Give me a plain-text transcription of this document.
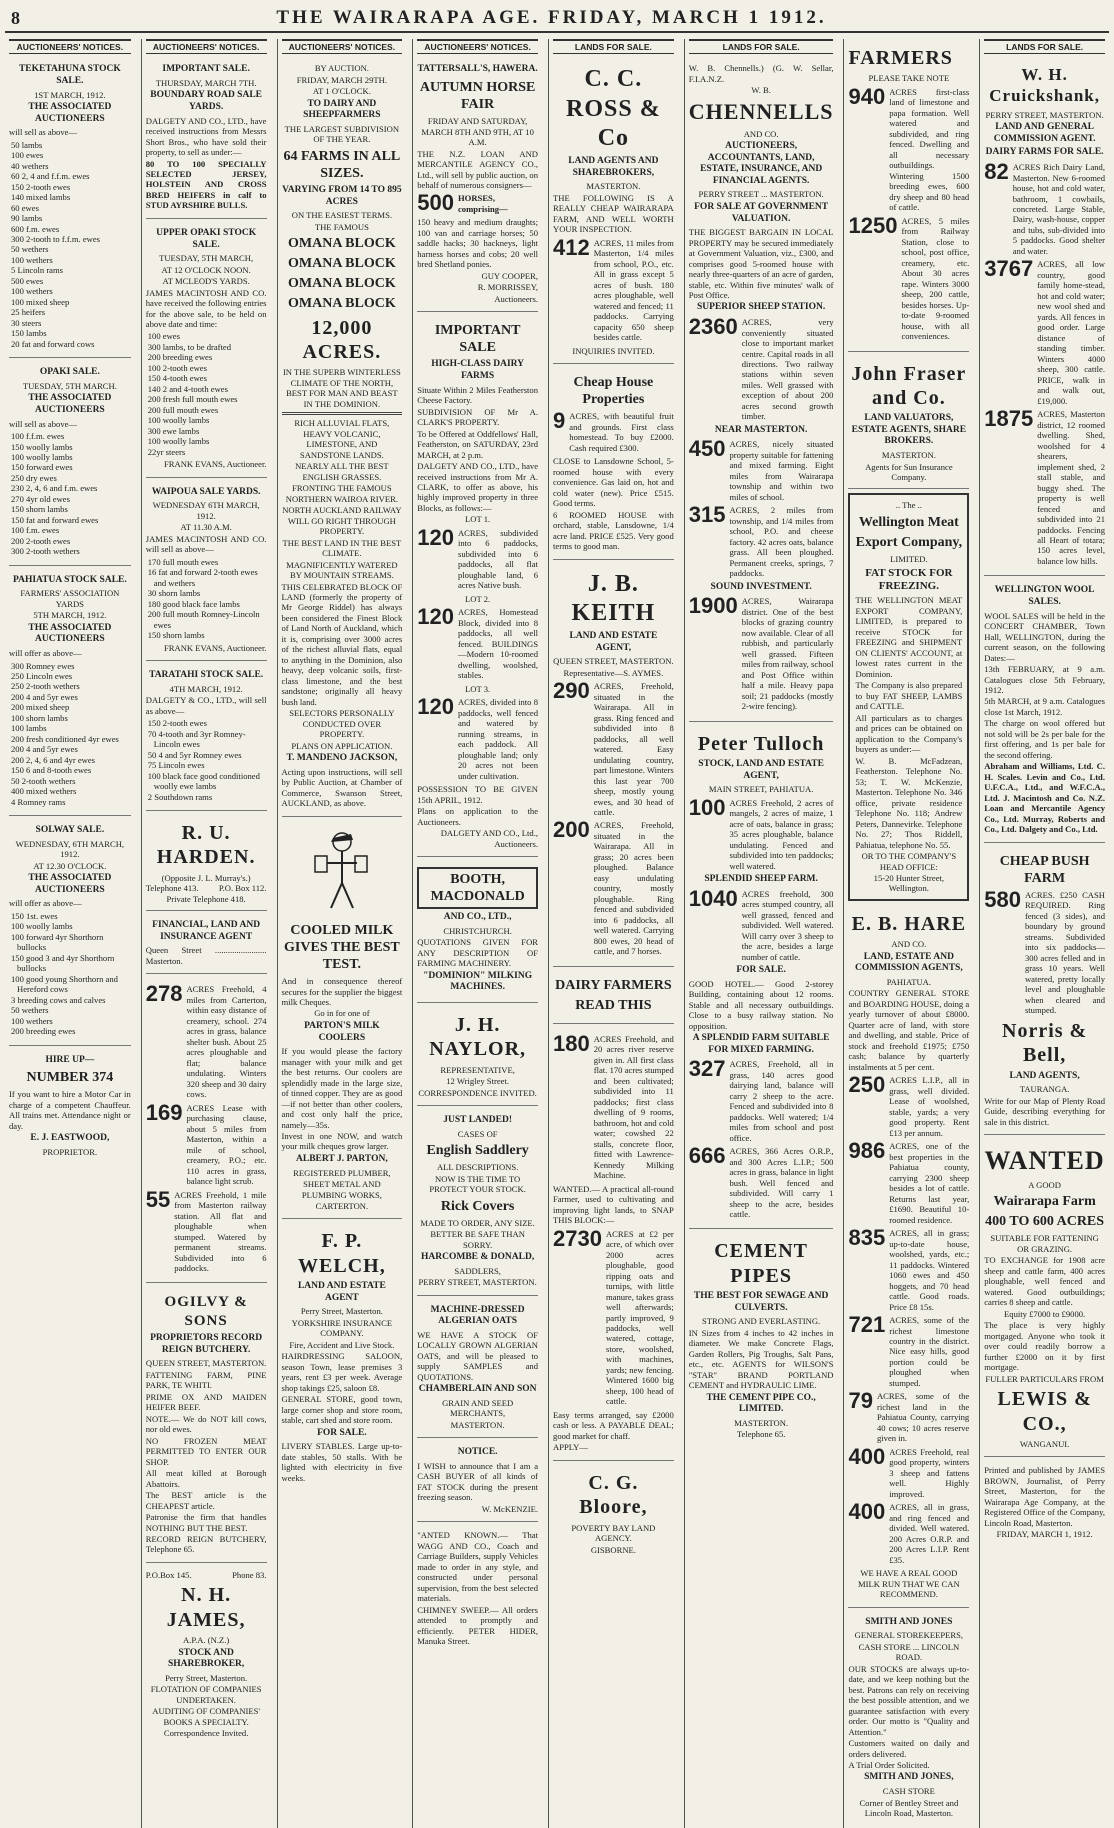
8	THE WAIRARAPA AGE. FRIDAY, MARCH 1 1912.
AUCTIONEERS' NOTICES.
TEKETAHUNA STOCK SALE.
1ST MARCH, 1912.
THE ASSOCIATED AUCTIONEERS
will sell as above—
50 lambs
100 ewes
40 wethers
60 2, 4 and f.f.m. ewes
150 2-tooth ewes
140 mixed lambs
60 ewes
90 lambs
600 f.m. ewes
300 2-tooth to f.f.m. ewes
50 wethers
100 wethers
5 Lincoln rams
500 ewes
100 wethers
100 mixed sheep
25 heifers
30 steers
150 lambs
20 fat and forward cows
OPAKI SALE.
TUESDAY, 5TH MARCH.
THE ASSOCIATED AUCTIONEERS
will sell as above—
100 f.f.m. ewes
150 woolly lambs
100 woolly lambs
150 forward ewes
250 dry ewes
230 2, 4, 6 and f.m. ewes
270 4yr old ewes
150 shorn lambs
150 fat and forward ewes
100 f.m. ewes
200 2-tooth ewes
300 2-tooth wethers
PAHIATUA STOCK SALE.
FARMERS' ASSOCIATION YARDS
5TH MARCH, 1912.
THE ASSOCIATED AUCTIONEERS
will offer as above—
300 Romney ewes
250 Lincoln ewes
250 2-tooth wethers
200 4 and 5yr ewes
200 mixed sheep
100 shorn lambs
100 lambs
200 fresh conditioned 4yr ewes
200 4 and 5yr ewes
200 2, 4, 6 and 4yr ewes
150 6 and 8-tooth ewes
50 2-tooth wethers
400 mixed wethers
4 Romney rams
SOLWAY SALE.
WEDNESDAY, 6TH MARCH, 1912.
AT 12.30 O'CLOCK.
THE ASSOCIATED AUCTIONEERS
will offer as above—
150 1st. ewes
100 woolly lambs
100 forward 4yr Shorthorn bullocks
150 good 3 and 4yr Shorthorn bullocks
100 good young Shorthorn and Hereford cows
3 breeding cows and calves
50 wethers
100 wethers
200 breeding ewes
HIRE UP—
NUMBER 374
If you want to hire a Motor Car in charge of a competent Chauffeur. All trains met. Attendance night or day.
E. J. EASTWOOD,
PROPRIETOR.
AUCTIONEERS' NOTICES.
IMPORTANT SALE.
THURSDAY, MARCH 7TH.
BOUNDARY ROAD SALE YARDS.
DALGETY AND CO., LTD., have received instructions from Messrs Short Bros., who have sold their property, to sell as under:—
80 TO 100 SPECIALLY SELECTED JERSEY, HOLSTEIN AND CROSS BRED HEIFERS in calf to STUD AYRSHIRE BULLS.
UPPER OPAKI STOCK SALE.
TUESDAY, 5TH MARCH,
AT 12 O'CLOCK NOON.
AT MCLEOD'S YARDS.
JAMES MACINTOSH AND CO. have received the following entries for the above sale, to be held on above date and time:
100 ewes
300 lambs, to be drafted
200 breeding ewes
100 2-tooth ewes
150 4-tooth ewes
140 2 and 4-tooth ewes
200 fresh full mouth ewes
200 full mouth ewes
100 woolly lambs
300 ewe lambs
100 woolly lambs
22yr steers
FRANK EVANS, Auctioneer.
WAIPOUA SALE YARDS.
WEDNESDAY 6TH MARCH, 1912.
AT 11.30 A.M.
JAMES MACINTOSH AND CO. will sell as above—
170 full mouth ewes
16 fat and forward 2-tooth ewes and wethers
30 shorn lambs
180 good black face lambs
200 full mouth Romney-Lincoln ewes
150 shorn lambs
FRANK EVANS, Auctioneer.
TARATAHI STOCK SALE.
4TH MARCH, 1912.
DALGETY & CO., LTD., will sell as above—
150 2-tooth ewes
70 4-tooth and 3yr Romney-Lincoln ewes
50 4 and 5yr Romney ewes
75 Lincoln ewes
100 black face good conditioned woolly ewe lambs
2 Southdown rams
R. U. HARDEN.
(Opposite J. L. Murray's.)
Telephone 413. P.O. Box 112.
Private Telephone 418.
FINANCIAL, LAND AND INSURANCE AGENT
Queen Street ........................ Masterton.
278 ACRES Freehold, 4 miles from Carterton, within easy distance of creamery, school. 274 acres in grass, balance shelter bush. About 25 acres ploughable and flat; balance undulating. Winters 320 sheep and 30 dairy cows.
169 ACRES Lease with purchasing clause, about 5 miles from Masterton, within a mile of school, creamery, P.O.; etc. 110 acres in grass, balance light scrub.
55 ACRES Freehold, 1 mile from Masterton railway station. All flat and ploughable when stumped. Watered by permanent streams. Subdivided into 6 paddocks.
OGILVY & SONS
PROPRIETORS RECORD REIGN BUTCHERY.
QUEEN STREET, MASTERTON.
FATTENING FARM, PINE PARK, TE WHITI.
PRIME OX AND MAIDEN HEIFER BEEF.
NOTE.— We do NOT kill cows, nor old ewes.
NO FROZEN MEAT PERMITTED TO ENTER OUR SHOP.
All meat killed at Borough Abattoirs.
The BEST article is the CHEAPEST article.
Patronise the firm that handles NOTHING BUT THE BEST.
RECORD REIGN BUTCHERY, Telephone 65.
P.O.Box 145.	Phone 83.
N. H. JAMES,
A.P.A. (N.Z.)
STOCK AND SHAREBROKER,
Perry Street, Masterton.
FLOTATION OF COMPANIES UNDERTAKEN.
AUDITING OF COMPANIES' BOOKS A SPECIALTY.
Correspondence Invited.
AUCTIONEERS' NOTICES.
BY AUCTION.
FRIDAY, MARCH 29TH.
AT 1 O'CLOCK.
TO DAIRY AND SHEEPFARMERS
THE LARGEST SUBDIVISION OF THE YEAR.
64 FARMS IN ALL SIZES.
VARYING FROM 14 TO 895 ACRES
ON THE EASIEST TERMS.
THE FAMOUS
OMANA BLOCK
OMANA BLOCK
OMANA BLOCK
OMANA BLOCK
12,000 ACRES.
IN THE SUPERB WINTERLESS CLIMATE OF THE NORTH, BEST FOR MAN AND BEAST IN THE DOMINION.
RICH ALLUVIAL FLATS, HEAVY VOLCANIC, LIMESTONE, AND SANDSTONE LANDS.
NEARLY ALL THE BEST ENGLISH GRASSES.
FRONTING THE FAMOUS NORTHERN WAIROA RIVER.
NORTH AUCKLAND RAILWAY WILL GO RIGHT THROUGH PROPERTY.
THE BEST LAND IN THE BEST CLIMATE.
MAGNIFICENTLY WATERED BY MOUNTAIN STREAMS.
THIS CELEBRATED BLOCK OF LAND (formerly the property of Mr George Riddel) has always been considered the Finest Block of Land North of Auckland, which it is, comprising over 3000 acres of the richest alluvial flats, equal to anything in the Dominion, also heavy, deep volcanic soils, first-class limestone, and the best sandstone; originally all heavy bush land.
SELECTORS PERSONALLY CONDUCTED OVER PROPERTY.
PLANS ON APPLICATION.
T. MANDENO JACKSON,
Acting upon instructions, will sell by Public Auction, at Chamber of Commerce, Swanson Street, AUCKLAND, as above.
COOLED MILK GIVES THE BEST TEST.
And in consequence thereof secures for the supplier the biggest milk Cheques.
Go in for one of
PARTON'S MILK COOLERS
If you would please the factory manager with your milk and get the best returns. Our coolers are splendidly made in the large size, of tinned copper. They are as good—if not better than other coolers, and cost only half the price, namely—35s.
Invest in one NOW, and watch your milk cheques grow larger.
ALBERT J. PARTON,
REGISTERED PLUMBER,
SHEET METAL AND PLUMBING WORKS,
CARTERTON.
F. P. WELCH,
LAND AND ESTATE AGENT
Perry Street, Masterton.
YORKSHIRE INSURANCE COMPANY.
Fire, Accident and Live Stock.
HAIRDRESSING SALOON, season Town, lease premises 3 years, rent £3 per week. Average shop takings £25, saloon £8.
GENERAL STORE, good town, large corner shop and store room, stable, cart shed and store room.
FOR SALE.
LIVERY STABLES. Large up-to-date stables, 50 stalls. With be lighted with electricity in five weeks.
AUCTIONEERS' NOTICES.
TATTERSALL'S, HAWERA.
AUTUMN HORSE FAIR
FRIDAY AND SATURDAY, MARCH 8TH AND 9TH, AT 10 A.M.
THE N.Z. LOAN AND MERCANTILE AGENCY CO., Ltd., will sell by public auction, on behalf of numerous consigners—
500 HORSES, comprising—
150 heavy and medium draughts; 100 van and carriage horses; 50 saddle hacks; 30 hackneys, light harness horses and cobs; 20 well bred Shetland ponies.
GUY COOPER,
R. MORRISSEY,
Auctioneers.
IMPORTANT SALE
HIGH-CLASS DAIRY FARMS
Situate Within 2 Miles Featherston Cheese Factory.
SUBDIVISION OF Mr A. CLARK'S PROPERTY.
To be Offered at Oddfellows' Hall, Featherston, on SATURDAY, 23rd MARCH, at 2 p.m.
DALGETY AND CO., LTD., have received instructions from Mr A. CLARK, to offer as above, his highly improved property in three Blocks, as follows:—
LOT 1.
120 ACRES, subdivided into 6 paddocks, subdivided into 6 paddocks, all flat ploughable land, 6 acres Native bush.
LOT 2.
120 ACRES, Homestead Block, divided into 8 paddocks, all well fenced. BUILDINGS—Modern 10-roomed dwelling, woolshed, stables.
LOT 3.
120 ACRES, divided into 8 paddocks, well fenced and watered by running streams, in each paddock. All ploughable land; only 20 acres not been under cultivation.
POSSESSION TO BE GIVEN 15th APRIL, 1912.
Plans on application to the Auctioneers.
DALGETY AND CO., Ltd., Auctioneers.
BOOTH, MACDONALD
AND CO., LTD.,
CHRISTCHURCH.
QUOTATIONS GIVEN FOR ANY DESCRIPTION OF FARMING MACHINERY.
"DOMINION" MILKING MACHINES.
J. H. NAYLOR,
REPRESENTATIVE,
12 Wrigley Street.
CORRESPONDENCE INVITED.
JUST LANDED!
CASES OF
English Saddlery
ALL DESCRIPTIONS.
NOW IS THE TIME TO PROTECT YOUR STOCK.
Rick Covers
MADE TO ORDER, ANY SIZE.
BETTER BE SAFE THAN SORRY.
HARCOMBE & DONALD,
SADDLERS,
PERRY STREET, MASTERTON.
MACHINE-DRESSED ALGERIAN OATS
WE HAVE A STOCK OF LOCALLY GROWN ALGERIAN OATS, and will be pleased to supply SAMPLES and QUOTATIONS.
CHAMBERLAIN AND SON
GRAIN AND SEED MERCHANTS,
MASTERTON.
NOTICE.
I WISH to announce that I am a CASH BUYER of all kinds of FAT STOCK during the present freezing season.
W. McKENZIE.
"ANTED KNOWN.— That WAGG AND CO., Coach and Carriage Builders, supply Vehicles made to order in any style, and constructed under personal supervision, from the best selected materials.
CHIMNEY SWEEP.— All orders attended to promptly and efficiently. PETER HIDER, Manuka Street.
LANDS FOR SALE.
C. C. ROSS & Co
LAND AGENTS AND SHAREBROKERS,
MASTERTON.
THE FOLLOWING IS A REALLY CHEAP WAIRARAPA FARM, AND WELL WORTH YOUR INSPECTION.
412 ACRES, 11 miles from Masterton, 1/4 miles from school, P.O., etc. All in grass except 5 acres of bush. 180 acres ploughable, well watered and fenced; 11 paddocks. Carrying capacity 650 sheep besides cattle.
INQUIRIES INVITED.
Cheap House Properties
9 ACRES, with beautiful fruit and grounds. First class homestead. To buy £2000. Cash required £300.
CLOSE to Lansdowne School, 5-roomed house with every convenience. Gas laid on, hot and cold water (new). Price £515. Good terms.
6 ROOMED HOUSE with orchard, stable, Lansdowne, 1/4 acre land. PRICE £525. Very good terms to good man.
J. B. KEITH
LAND AND ESTATE AGENT,
QUEEN STREET, MASTERTON.
Representative—S. AYMES.
290 ACRES, Freehold, situated in the Wairarapa. All in grass. Ring fenced and subdivided into 8 paddocks, all well watered. Easy undulating country, part limestone. Winters this last year 700 sheep, mostly young ewes, and 30 head of cattle.
200 ACRES, Freehold, situated in the Wairarapa. All in grass; 20 acres been ploughed. Balance easy undulating country, mostly ploughable. Ring fenced and subdivided into 6 paddocks, all well watered. Carrying 800 ewes, 20 head of cattle, and 7 horses.
DAIRY FARMERS
READ THIS
180 ACRES Freehold, and 20 acres river reserve given in. All first class flat. 170 acres stumped and been cultivated; subdivided into 11 paddocks; first class dwelling of 9 rooms, bathroom, hot and cold water; cowshed 22 stalls, concrete floor, fitted with Lawrence-Kennedy Milking Machine.
WANTED.— A practical all-round Farmer, used to cultivating and improving light lands, to SNAP THIS BLOCK:—
2730 ACRES at £2 per acre, of which over 2000 acres ploughable, good ripping oats and turnips, with little manure, takes grass well afterwards; partly improved, 9 paddocks, well watered, cottage, store, woolshed, with machines, yards; new fencing. Wintered 1600 big sheep, 100 head of cattle.
Easy terms arranged, say £2000 cash or less. A PAYABLE DEAL; good market for chaff.
APPLY—
C. G. Bloore,
POVERTY BAY LAND AGENCY.
GISBORNE.
LANDS FOR SALE.
W. B. Chennells.) (G. W. Sellar, F.I.A.N.Z.
W. B.
CHENNELLS
AND CO.
AUCTIONEERS, ACCOUNTANTS, LAND, ESTATE, INSURANCE, AND FINANCIAL AGENTS.
PERRY STREET ... MASTERTON.
FOR SALE AT GOVERNMENT VALUATION.
THE BIGGEST BARGAIN IN LOCAL PROPERTY may be secured immediately at Government Valuation, viz., £300, and comprises good 5-roomed house with nearly three-quarters of an acre of garden, stable, etc. Within five minutes' walk of Post Office.
SUPERIOR SHEEP STATION.
2360 ACRES, very conveniently situated close to important market centre. Capital roads in all directions. Two railway stations within seven miles. Well grassed with exception of about 200 acres second growth timber.
NEAR MASTERTON.
450 ACRES, nicely situated property suitable for fattening and mixed farming. Eight miles from Wairarapa township and within two miles of school.
315 ACRES, 2 miles from township, and 1/4 miles from school, P.O. and cheese factory. 42 acres oats, balance grass. All been ploughed. Permanent creeks, springs, 7 paddocks.
SOUND INVESTMENT.
1900 ACRES, Wairarapa district. One of the best blocks of grazing country now available. Clear of all rubbish, and particularly well grassed. Fifteen miles from railway, school and Post Office within half a mile. Heavy papa soil; 21 paddocks (mostly 2-wire fencing).
Peter Tulloch
STOCK, LAND AND ESTATE AGENT,
MAIN STREET, PAHIATUA.
100 ACRES Freehold, 2 acres of mangels, 2 acres of maize, 1 acre of oats, balance in grass; 35 acres ploughable, balance undulating. Fenced and subdivided into ten paddocks; well watered.
SPLENDID SHEEP FARM.
1040 ACRES freehold, 300 acres stumped country, all well grassed, fenced and subdivided. Well watered. Will carry over 3 sheep to the acre, besides a large number of cattle.
FOR SALE.
GOOD HOTEL.— Good 2-storey Building, containing about 12 rooms. Stable and all necessary outbuildings. Close to a busy railway station. No opposition.
A SPLENDID FARM SUITABLE FOR MIXED FARMING.
327 ACRES, Freehold, all in grass, 140 acres good dairying land, balance will carry 2 sheep to the acre. Fenced and subdivided into 8 paddocks. Well watered; 1/4 miles from school and post office.
666 ACRES, 366 Acres O.R.P., and 300 Acres L.I.P.; 500 acres in grass, balance in light bush. Well fenced and subdivided. Will carry 1 sheep to the acre, besides cattle.
CEMENT PIPES
THE BEST FOR SEWAGE AND CULVERTS.
STRONG AND EVERLASTING.
IN Sizes from 4 inches to 42 inches in diameter. We make Concrete Flags, Garden Rollers, Pig Troughs, Salt Pans, etc., etc. AGENTS for WILSON'S "STAR" BRAND PORTLAND CEMENT and HYDRAULIC LIME.
THE CEMENT PIPE CO., LIMITED.
MASTERTON.
Telephone 65.
FARMERS
PLEASE TAKE NOTE
940 ACRES first-class land of limestone and papa formation. Well watered and subdivided, and ring fenced. Dwelling and all necessary outbuildings. Wintering 1500 breeding ewes, 600 dry sheep and 80 head of cattle.
1250 ACRES, 5 miles from Railway Station, close to school, post office, creamery, etc. About 30 acres rape. Winters 3000 sheep, 200 cattle, besides horses. Up-to-date 9-roomed house, with all conveniences.
John Fraser and Co.
LAND VALUATORS, ESTATE AGENTS, SHARE BROKERS.
MASTERTON.
Agents for Sun Insurance Company.
.. The ..
Wellington Meat
Export Company,
LIMITED.
FAT STOCK FOR FREEZING.
THE WELLINGTON MEAT EXPORT COMPANY, LIMITED, is prepared to receive STOCK for FREEZING and SHIPMENT ON CLIENTS' ACCOUNT, at lowest rates current in the Dominion.
The Company is also prepared to buy FAT SHEEP, LAMBS and CATTLE.
All particulars as to charges and prices can be obtained on application to the Company's buyers as under:—
W. B. McFadzean, Featherston. Telephone No. 53; T. W. McKenzie, Masterton. Telephone No. 346 office, private residence Telephone No. 118; Andrew Peters, Dannevirke. Telephone No. 27; Thos Riddell, Pahiatua, telephone No. 55.
OR TO THE COMPANY'S HEAD OFFICE:
15-20 Hunter Street, Wellington.
E. B. HARE
AND CO.
LAND, ESTATE AND COMMISSION AGENTS,
PAHIATUA.
COUNTRY GENERAL STORE and BOARDING HOUSE, doing a yearly turnover of about £8000. Quarter acre of land, with store and dwelling, and stable. Price of stock and freehold £1975; £750 cash; balance by quarterly instalments at 5 per cent.
250 ACRES L.I.P., all in grass, well divided. Lease of woolshed, stable, yards; a very good property. Rent £13 per annum.
986 ACRES, one of the best properties in the Pahiatua county, carrying 2300 sheep besides a lot of cattle. Returns last year, £1690. Beautiful 10-roomed residence.
835 ACRES, all in grass; up-to-date house, woolshed, yards, etc.; 11 paddocks. Wintered 1060 ewes and 450 hoggets, and 70 head cattle. Good roads. Price £8 15s.
721 ACRES, some of the richest limestone country in the district. Nice easy hills, good portion could be ploughed when stumped.
79 ACRES, some of the richest land in the Pahiatua County, carrying 40 cows; 10 acres reserve given in.
400 ACRES Freehold, real good property, winters 3 sheep and fattens well. Highly improved.
400 ACRES, all in grass, and ring fenced and divided. Well watered. 200 Acres O.R.P. and 200 Acres L.I.P. Rent £35.
WE HAVE A REAL GOOD MILK RUN THAT WE CAN RECOMMEND.
SMITH AND JONES
GENERAL STOREKEEPERS,
CASH STORE ... LINCOLN ROAD.
OUR STOCKS are always up-to-date, and we keep nothing but the best. Patrons can rely on receiving the best possible attention, and we guarantee satisfaction with every order. Our motto is "Quality and Attention."
Customers waited on daily and orders delivered.
A Trial Order Solicited.
SMITH AND JONES,
CASH STORE
Corner of Bentley Street and Lincoln Road, Masterton.
LANDS FOR SALE.
W. H. Cruickshank,
PERRY STREET, MASTERTON.
LAND AND GENERAL COMMISSION AGENT.
DAIRY FARMS FOR SALE.
82 ACRES Rich Dairy Land, Masterton. New 6-roomed house, hot and cold water, bathroom, 1 cowbails, concreted. Large Stable, Dairy, wash-house, copper and tubs, sub-divided into 5 paddocks. Good shelter and water.
3767 ACRES, all low country, good family home-stead, hot and cold water; new wool shed and yards. All fences in good order. Large distance of standing timber. Winters 4000 sheep, 300 cattle. PRICE, walk in and walk out, £19,000.
1875 ACRES, Masterton district, 12 roomed dwelling. Shed, woolshed for 4 shearers, implement shed, 2 stall stable, and buggy shed. The property is well fenced and subdivided into 21 paddocks. Fencing all Heart of totara; 150 acres level, balance low hills.
WELLINGTON WOOL SALES.
WOOL SALES will be held in the CONCERT CHAMBER, Town Hall, WELLINGTON, during the current season, on the following Dates:—
13th FEBRUARY, at 9 a.m. Catalogues close 5th February, 1912.
5th MARCH, at 9 a.m. Catalogues close 1st March, 1912.
The charge on wool offered but not sold will be 2s per bale for the first offering, and 1s per bale for the second offering.
Abraham and Williams, Ltd. C. H. Scales. Levin and Co., Ltd. U.F.C.A., Ltd., and W.F.C.A., Ltd. J. Macintosh and Co. N.Z. Loan and Mercantile Agency Co., Ltd. Murray, Roberts and Co., Ltd. Dalgety and Co., Ltd.
CHEAP BUSH FARM
580 ACRES. £250 CASH REQUIRED. Ring fenced (3 sides), and boundary by ground streams. Subdivided into six paddocks—300 acres felled and in grass 10 years. Well watered, pretty locally level and ploughable when cleared and stumped.
Norris & Bell,
LAND AGENTS,
TAURANGA.
Write for our Map of Plenty Road Guide, describing everything for sale in this district.
WANTED
A GOOD
Wairarapa Farm
400 TO 600 ACRES
SUITABLE FOR FATTENING OR GRAZING.
TO EXCHANGE for 1908 acre sheep and cattle farm, 400 acres ploughable, well fenced and watered. Good outbuildings; carries 8 sheep and cattle.
Equity £7000 to £9000.
The place is very highly mortgaged. Anyone who took it over could readily borrow a further £2000 on it by first mortgage.
FULLER PARTICULARS FROM
LEWIS & CO.,
WANGANUI.
Printed and published by JAMES BROWN, Journalist, of Perry Street, Masterton, for the Wairarapa Age Company, at the Registered Office of the Company, Lincoln Road, Masterton.
FRIDAY, MARCH 1, 1912.
